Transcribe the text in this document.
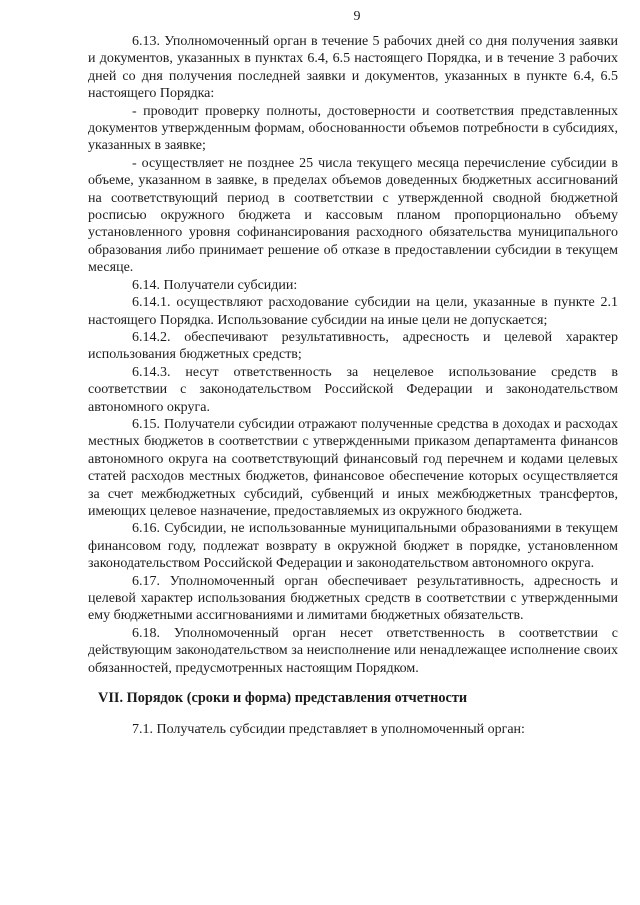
9

6.13. Уполномоченный орган в течение 5 рабочих дней со дня получения заявки и документов, указанных в пунктах 6.4, 6.5 настоящего Порядка, и в течение 3 рабочих дней со дня получения последней заявки и документов, указанных в пункте 6.4, 6.5 настоящего Порядка:

- проводит проверку полноты, достоверности и соответствия представленных документов утвержденным формам, обоснованности объемов потребности в субсидиях, указанных в заявке;

- осуществляет не позднее 25 числа текущего месяца перечисление субсидии в объеме, указанном в заявке, в пределах объемов доведенных бюджетных ассигнований на соответствующий период в соответствии с утвержденной сводной бюджетной росписью окружного бюджета и кассовым планом пропорционально объему установленного уровня софинансирования расходного обязательства муниципального образования либо принимает решение об отказе в предоставлении субсидии в текущем месяце.

6.14. Получатели субсидии:

6.14.1. осуществляют расходование субсидии на цели, указанные в пункте 2.1 настоящего Порядка. Использование субсидии на иные цели не допускается;

6.14.2. обеспечивают результативность, адресность и целевой характер использования бюджетных средств;

6.14.3. несут ответственность за нецелевое использование средств в соответствии с законодательством Российской Федерации и законодательством автономного округа.

6.15. Получатели субсидии отражают полученные средства в доходах и расходах местных бюджетов в соответствии с утвержденными приказом департамента финансов автономного округа на соответствующий финансовый год перечнем и кодами целевых статей расходов местных бюджетов, финансовое обеспечение которых осуществляется за счет межбюджетных субсидий, субвенций и иных межбюджетных трансфертов, имеющих целевое назначение, предоставляемых из окружного бюджета.

6.16. Субсидии, не использованные муниципальными образованиями в текущем финансовом году, подлежат возврату в окружной бюджет в порядке, установленном законодательством Российской Федерации и законодательством автономного округа.

6.17. Уполномоченный орган обеспечивает результативность, адресность и целевой характер использования бюджетных средств в соответствии с утвержденными ему бюджетными ассигнованиями и лимитами бюджетных обязательств.

6.18. Уполномоченный орган несет ответственность в соответствии с действующим законодательством за неисполнение или ненадлежащее исполнение своих обязанностей, предусмотренных настоящим Порядком.

VII. Порядок (сроки и форма) представления отчетности

7.1. Получатель субсидии представляет в уполномоченный орган:
